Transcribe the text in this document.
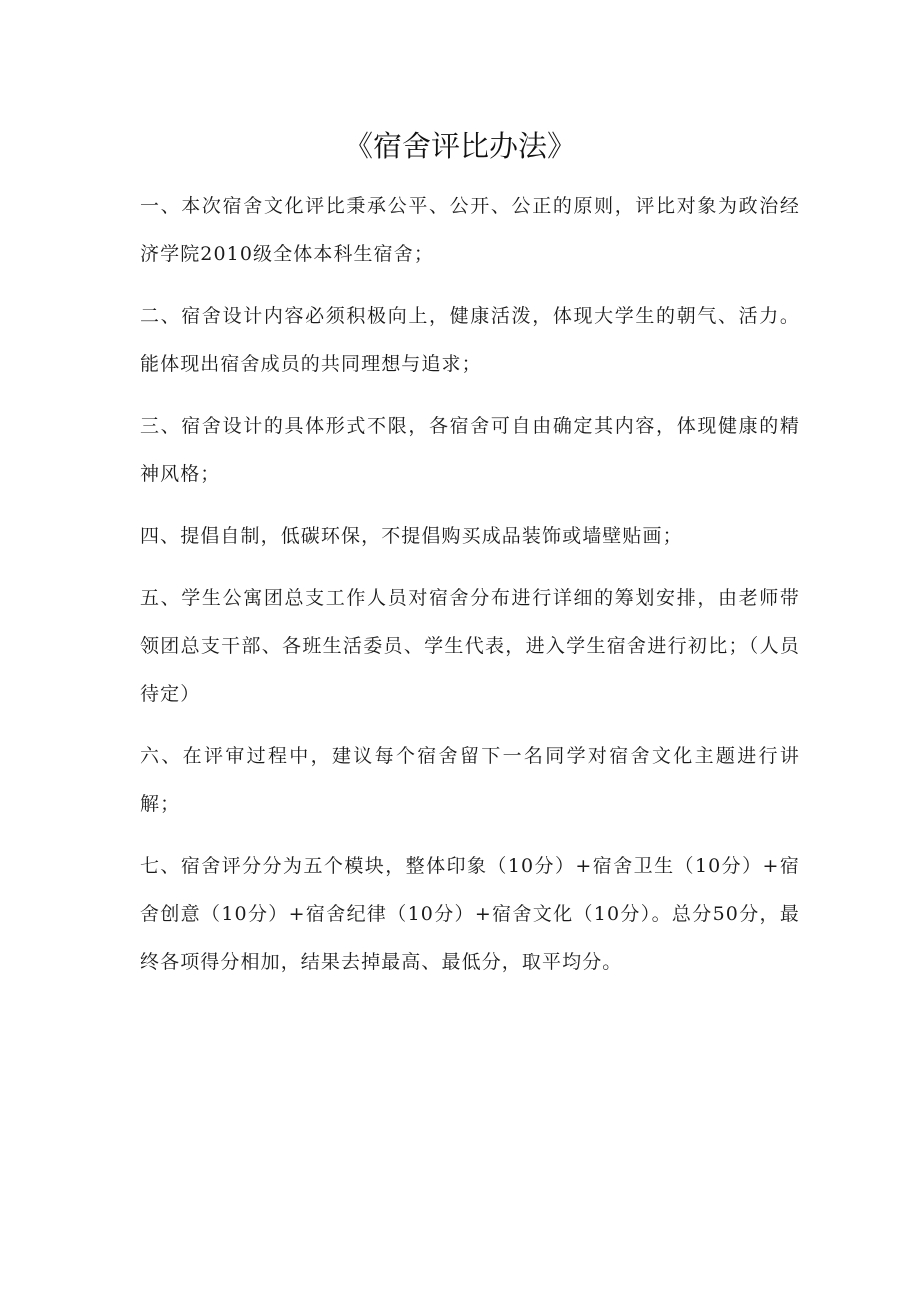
《宿舍评比办法》

一、本次宿舍文化评比秉承公平、公开、公正的原则，评比对象为政治经济学院2010级全体本科生宿舍；

二、宿舍设计内容必须积极向上，健康活泼，体现大学生的朝气、活力。能体现出宿舍成员的共同理想与追求；

三、宿舍设计的具体形式不限，各宿舍可自由确定其内容，体现健康的精神风格；

四、提倡自制，低碳环保，不提倡购买成品装饰或墙壁贴画；

五、学生公寓团总支工作人员对宿舍分布进行详细的筹划安排，由老师带领团总支干部、各班生活委员、学生代表，进入学生宿舍进行初比；（人员待定）

六、在评审过程中，建议每个宿舍留下一名同学对宿舍文化主题进行讲解；

七、宿舍评分分为五个模块，整体印象（10分）+宿舍卫生（10分）+宿舍创意（10分）+宿舍纪律（10分）+宿舍文化（10分）。总分50分，最终各项得分相加，结果去掉最高、最低分，取平均分。
